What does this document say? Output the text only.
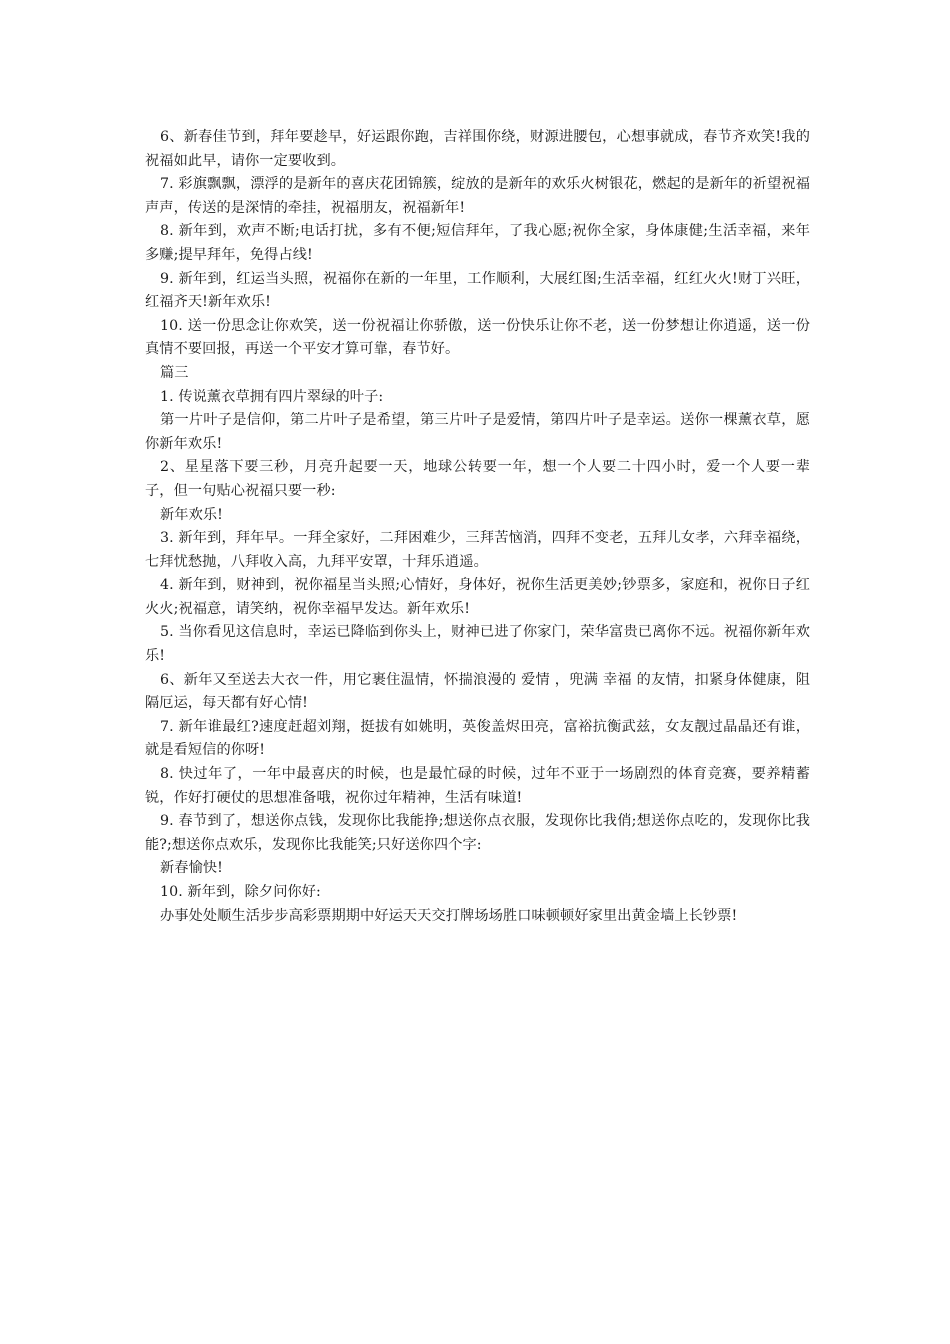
6、新春佳节到，拜年要趁早，好运跟你跑，吉祥围你绕，财源进腰包，心想事就成，春节齐欢笑!我的祝福如此早，请你一定要收到。

7. 彩旗飘飘，漂浮的是新年的喜庆花团锦簇，绽放的是新年的欢乐火树银花，燃起的是新年的祈望祝福声声，传送的是深情的牵挂，祝福朋友，祝福新年!

8. 新年到，欢声不断;电话打扰，多有不便;短信拜年，了我心愿;祝你全家，身体康健;生活幸福，来年多赚;提早拜年，免得占线!

9. 新年到，红运当头照，祝福你在新的一年里，工作顺利，大展红图;生活幸福，红红火火!财丁兴旺，红福齐天!新年欢乐!

10. 送一份思念让你欢笑，送一份祝福让你骄傲，送一份快乐让你不老，送一份梦想让你逍遥，送一份真情不要回报，再送一个平安才算可靠，春节好。

篇三

1. 传说薰衣草拥有四片翠绿的叶子:

第一片叶子是信仰，第二片叶子是希望，第三片叶子是爱情，第四片叶子是幸运。送你一棵薰衣草，愿你新年欢乐!

2、星星落下要三秒，月亮升起要一天，地球公转要一年，想一个人要二十四小时，爱一个人要一辈子，但一句贴心祝福只要一秒:

新年欢乐!

3. 新年到，拜年早。一拜全家好，二拜困难少，三拜苦恼消，四拜不变老，五拜儿女孝，六拜幸福绕，七拜忧愁抛，八拜收入高，九拜平安罩，十拜乐逍遥。

4. 新年到，财神到，祝你福星当头照;心情好，身体好，祝你生活更美妙;钞票多，家庭和，祝你日子红火火;祝福意，请笑纳，祝你幸福早发达。新年欢乐!

5. 当你看见这信息时，幸运已降临到你头上，财神已进了你家门，荣华富贵已离你不远。祝福你新年欢乐!

6、新年又至送去大衣一件，用它裹住温情，怀揣浪漫的 爱情 ，兜满 幸福 的友情，扣紧身体健康，阻隔厄运，每天都有好心情!

7. 新年谁最红?速度赶超刘翔，挺拔有如姚明，英俊盖烬田亮，富裕抗衡武兹，女友靓过晶晶还有谁，就是看短信的你呀!

8. 快过年了，一年中最喜庆的时候，也是最忙碌的时候，过年不亚于一场剧烈的体育竞赛，要养精蓄锐，作好打硬仗的思想准备哦，祝你过年精神，生活有味道!

9. 春节到了，想送你点钱，发现你比我能挣;想送你点衣服，发现你比我俏;想送你点吃的，发现你比我能?;想送你点欢乐，发现你比我能笑;只好送你四个字:

新春愉快!

10. 新年到，除夕问你好:

办事处处顺生活步步高彩票期期中好运天天交打牌场场胜口味顿顿好家里出黄金墙上长钞票!
